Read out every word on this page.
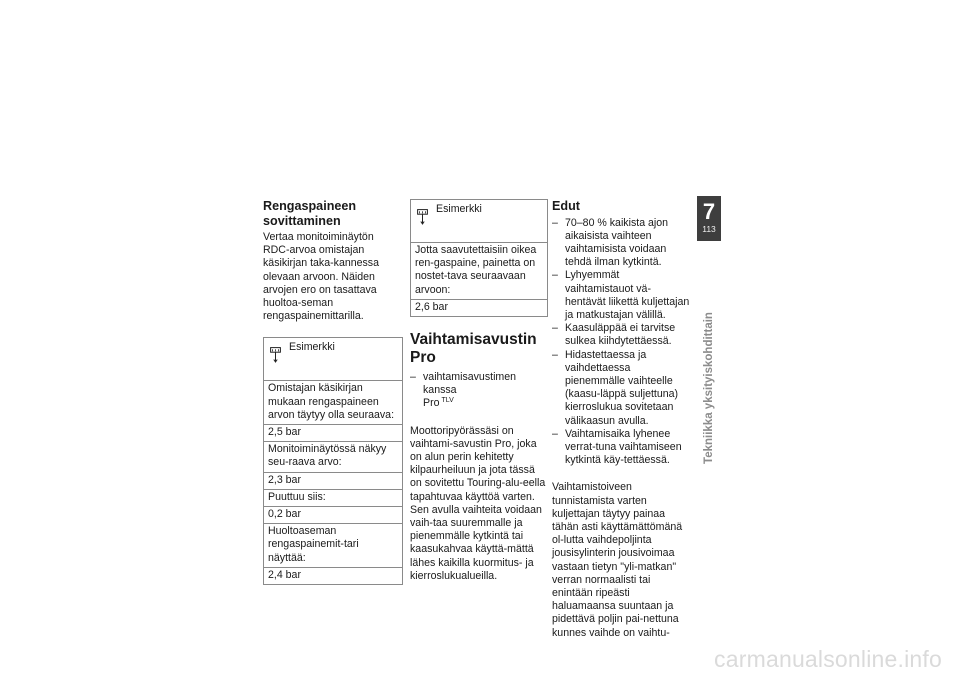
Rengaspaineen sovittaminen

Vertaa monitoiminäytön RDC-arvoa omistajan käsikirjan taka-kannessa olevaan arvoon. Näiden arvojen ero on tasattava huoltoa-seman rengaspainemittarilla.

Esimerkki
Omistajan käsikirjan mukaan rengaspaineen arvon täytyy olla seuraava:
2,5 bar
Monitoiminäytössä näkyy seu-raava arvo:
2,3 bar
Puuttuu siis:
0,2 bar
Huoltoaseman rengaspainemit-tari näyttää:
2,4 bar
Esimerkki
Jotta saavutettaisiin oikea ren-gaspaine, painetta on nostet-tava seuraavaan arvoon:
2,6 bar
Vaihtamisavustin Pro
– vaihtamisavustimen kanssa
Pro $^{TLV}$

Moottoripyörässäsi on vaihtami-savustin Pro, joka on alun perin kehitetty kilpaurheiluun ja jota tässä on sovitettu Touring-alu-eella tapahtuvaa käyttöä varten. Sen avulla vaihteita voidaan vaih-taa suuremmalle ja pienemmälle kytkintä tai kaasukahvaa käyttä-mättä lähes kaikilla kuormitus- ja kierroslukualueilla.

Edut
– 70–80 % kaikista ajon aikaisista vaihteen vaihtamisista voidaan tehdä ilman kytkintä.
– Lyhyemmät vaihtamistauot vä-hentävät liikettä kuljettajan ja matkustajan välillä.
– Kaasuläppää ei tarvitse sulkea kiihdytettäessä.
– Hidastettaessa ja vaihdettaessa pienemmälle vaihteelle (kaasu-läppä suljettuna) kierroslukua sovitetaan välikaasun avulla.
– Vaihtamisaika lyhenee verrat-tuna vaihtamiseen kytkintä käy-tettäessä.

Vaihtamistoiveen tunnistamista varten kuljettajan täytyy painaa tähän asti käyttämättömänä ol-lutta vaihdepoljinta jousisylinterin jousivoimaa vastaan tietyn "yli-matkan" verran normaalisti tai enintään ripeästi haluamaansa suuntaan ja pidettävä poljin pai-nettuna kunnes vaihde on vaihtu-

7
113
Tekniikka yksityiskohdittain
carmanualsonline.info
